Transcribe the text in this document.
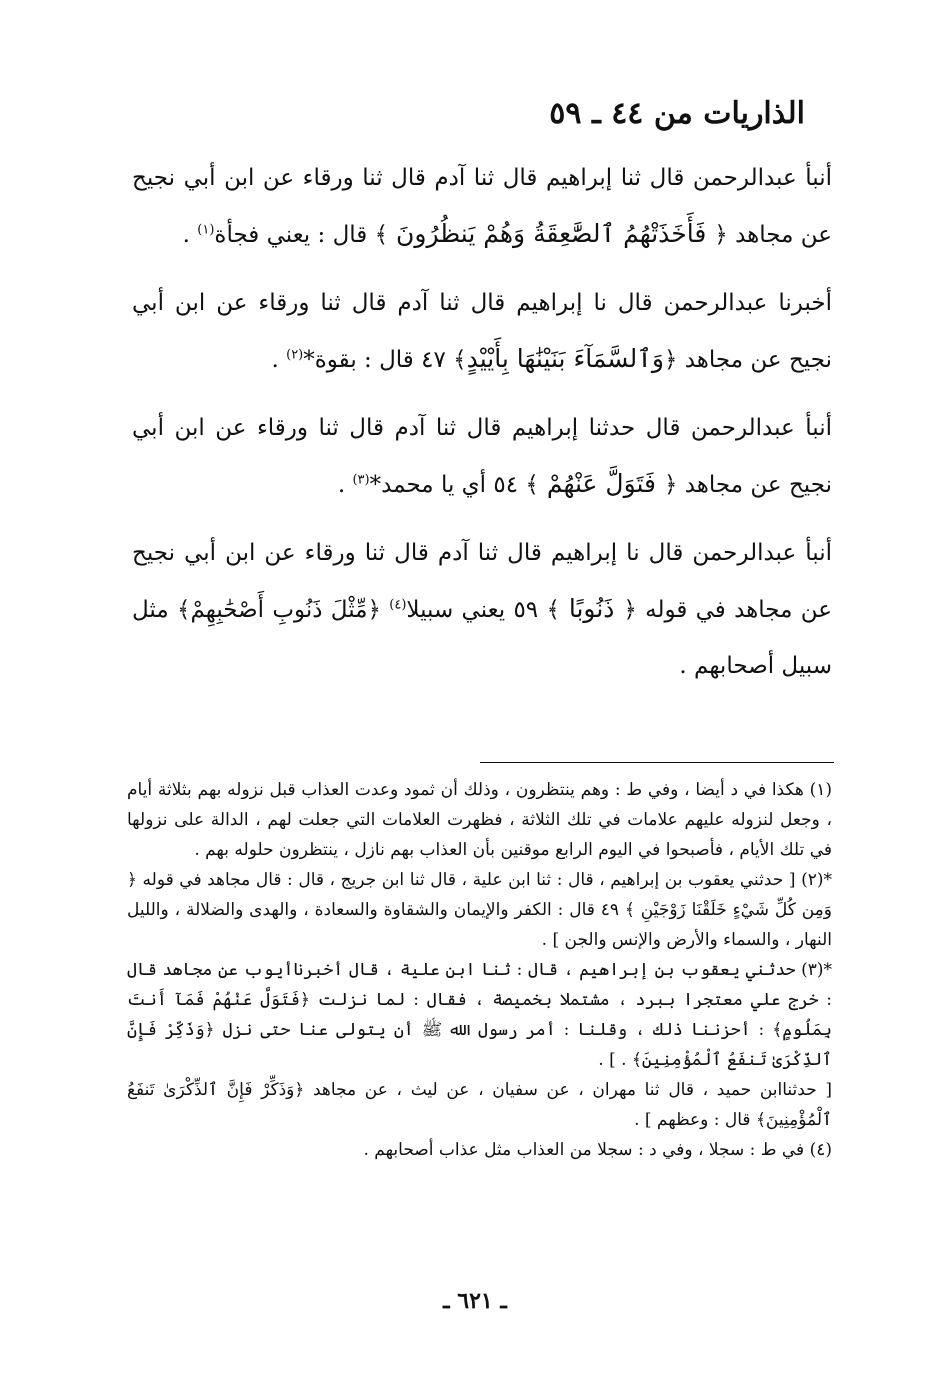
الذاريات من ٤٤ ـ ٥٩

أنبأ عبدالرحمن قال ثنا إبراهيم قال ثنا آدم قال ثنا ورقاء عن ابن أبي نجيح عن مجاهد ﴿ فَأَخَذَتْهُمُ ٱلصَّٰعِقَةُ وَهُمْ يَنظُرُونَ ﴾ قال : يعني فجأة$^{(١)}$ .

أخبرنا عبدالرحمن قال نا إبراهيم قال ثنا آدم قال ثنا ورقاء عن ابن أبي نجيح عن مجاهد ﴿وَٱلسَّمَآءَ بَنَيْنَٰهَا بِأَيْيْدٍ﴾ ٤٧ قال : بقوة*$^{(٢)}$ .

أنبأ عبدالرحمن قال حدثنا إبراهيم قال ثنا آدم قال ثنا ورقاء عن ابن أبي نجيح عن مجاهد ﴿ فَتَوَلَّ عَنْهُمْ ﴾ ٥٤ أي يا محمد*$^{(٣)}$ .

أنبأ عبدالرحمن قال نا إبراهيم قال ثنا آدم قال ثنا ورقاء عن ابن أبي نجيح عن مجاهد في قوله ﴿ ذَنُوبًا ﴾ ٥٩ يعني سبيلا$^{(٤)}$ ﴿مِّثْلَ ذَنُوبِ أَصْحَٰبِهِمْ﴾ مثل سبيل أصحابهم .

(١) هكذا في د أيضا ، وفي ط : وهم ينتظرون ، وذلك أن ثمود وعدت العذاب قبل نزوله بهم بثلاثة أيام ، وجعل لنزوله عليهم علامات في تلك الثلاثة ، فظهرت العلامات التي جعلت لهم ، الدالة على نزولها في تلك الأيام ، فأصبحوا في اليوم الرابع موقنين بأن العذاب بهم نازل ، ينتظرون حلوله بهم .

*(٢) [ حدثني يعقوب بن إبراهيم ، قال : ثنا ابن علية ، قال ثنا ابن جريج ، قال : قال مجاهد في قوله ﴿ وَمِن كُلِّ شَيْءٍ خَلَقْنَا زَوْجَيْنِ ﴾ ٤٩ قال : الكفر والإيمان والشقاوة والسعادة ، والهدى والضلالة ، والليل النهار ، والسماء والأرض والإنس والجن ] .

*(٣) حدثني يعقوب بن إبراهيم ، قال : ثنا ابن علية ، قال أخبرناأيوب عن مجاهد قال : خرج علي معتجرا ببرد ، مشتملا بخميصة ، فقال : لما نزلت ﴿فَتَوَلَّ عَنْهُمْ فَمَآ أَنتَ بِمَلُومٍ﴾ : أحزننا ذلك ، وقلنا : أمر رسول الله ﷺ أن يتولى عنا حتى نزل ﴿وَذَكِّرْ فَإِنَّ ٱلذِّكْرَىٰ تَنفَعُ ٱلْمُؤْمِنِينَ﴾ . ] .

[ حدثناابن حميد ، قال ثنا مهران ، عن سفيان ، عن ليث ، عن مجاهد ﴿وَذَكِّرْ فَإِنَّ ٱلذِّكْرَىٰ تَنفَعُ ٱلْمُؤْمِنِينَ﴾ قال : وعظهم ] .

(٤) في ط : سجلا ، وفي د : سجلا من العذاب مثل عذاب أصحابهم .

ـ ٦٢١ ـ
